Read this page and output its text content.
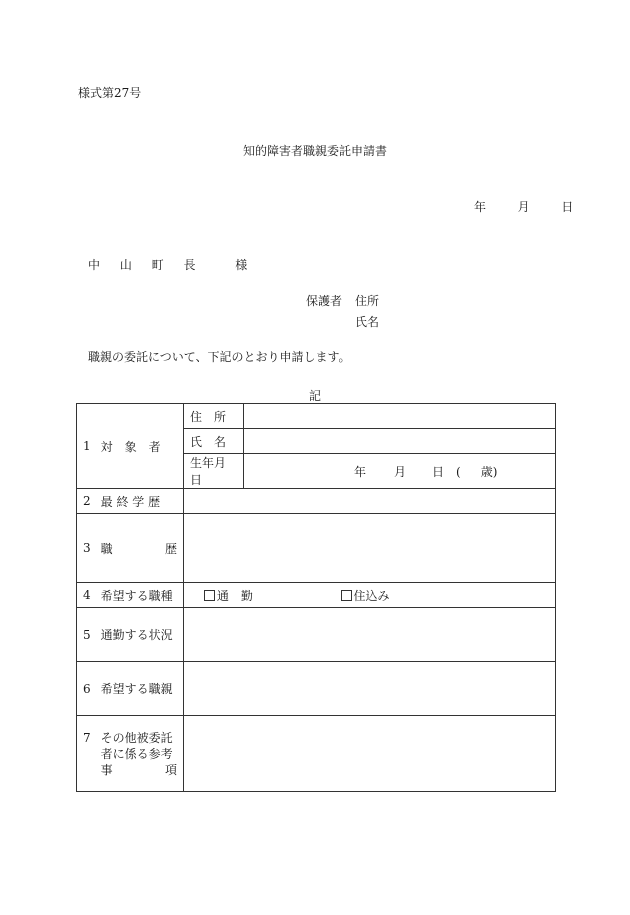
様式第27号
知的障害者職親委託申請書
年	月	日
中 山 町 長　 様
保護者 住所
氏名
職親の委託について、下記のとおり申請します。
記
1 対　象　者	住　所	
	氏　名	
	生年月日	年 月 日 ( 歳)

2 最 終 学 歴		

3 職 歴		

4 希望する職種	通　勤 住込み	

5 通勤する状況		

6 希望する職親		

7 その他被委託
者に係る参考
事 項		
